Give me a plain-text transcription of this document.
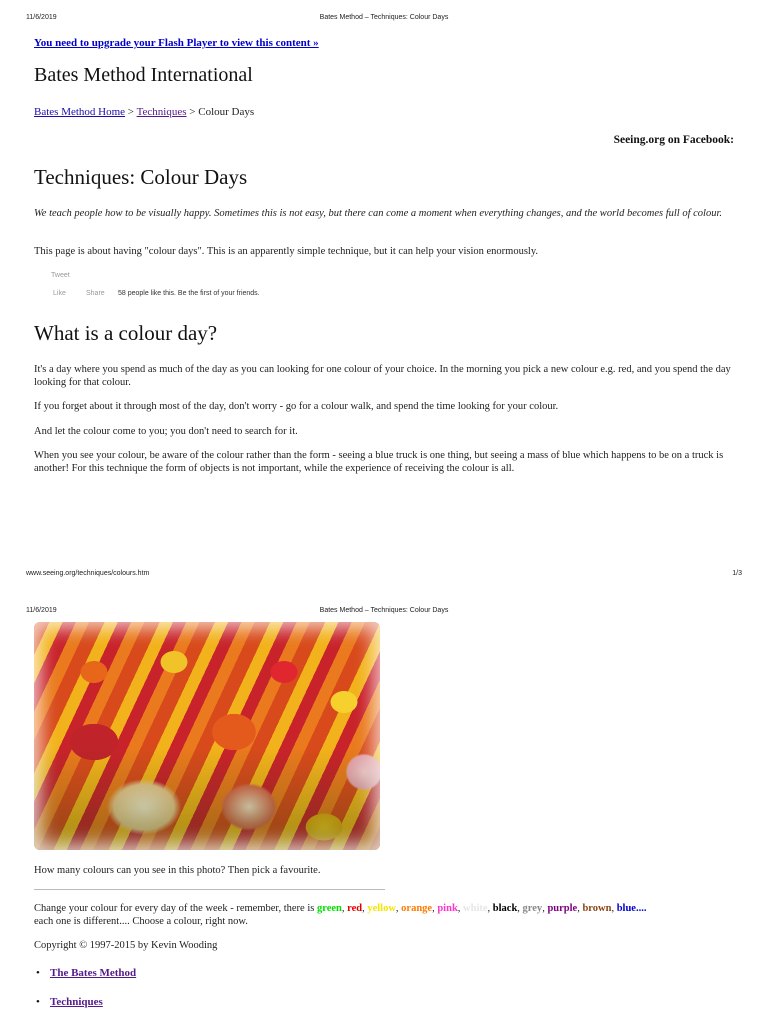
11/6/2019	Bates Method – Techniques: Colour Days
You need to upgrade your Flash Player to view this content »
Bates Method International
Bates Method Home > Techniques > Colour Days
Seeing.org on Facebook:
Techniques: Colour Days
We teach people how to be visually happy. Sometimes this is not easy, but there can come a moment when everything changes, and the world becomes full of colour.
This page is about having "colour days". This is an apparently simple technique, but it can help your vision enormously.
Tweet
Like	Share 58 people like this. Be the first of your friends.
What is a colour day?
It's a day where you spend as much of the day as you can looking for one colour of your choice. In the morning you pick a new colour e.g. red, and you spend the day looking for that colour.
If you forget about it through most of the day, don't worry - go for a colour walk, and spend the time looking for your colour.
And let the colour come to you; you don't need to search for it.
When you see your colour, be aware of the colour rather than the form - seeing a blue truck is one thing, but seeing a mass of blue which happens to be on a truck is another! For this technique the form of objects is not important, while the experience of receiving the colour is all.
www.seeing.org/techniques/colours.htm	1/3
11/6/2019	Bates Method – Techniques: Colour Days
How many colours can you see in this photo? Then pick a favourite.
Change your colour for every day of the week - remember, there is green, red, yellow, orange, pink, white, black, grey, purple, brown, blue....
each one is different.... Choose a colour, right now.
Copyright © 1997-2015 by Kevin Wooding
• The Bates Method
• Techniques
